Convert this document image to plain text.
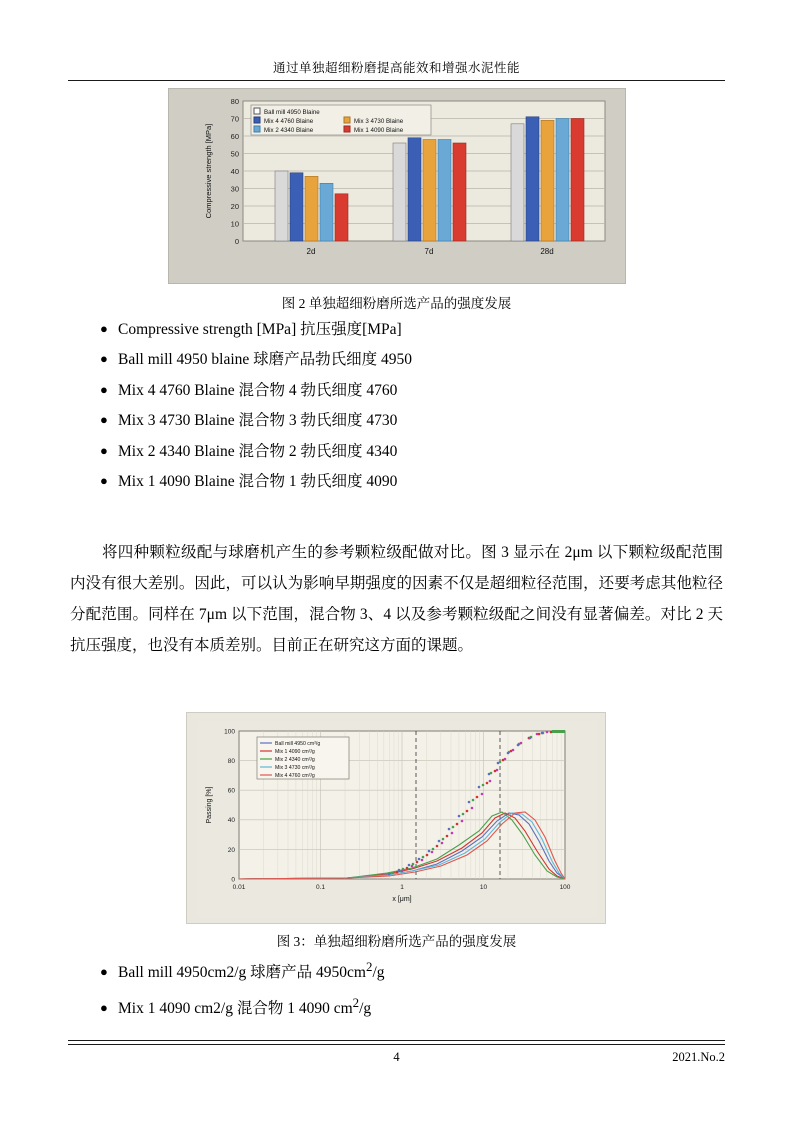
通过单独超细粉磨提高能效和增强水泥性能
80
70
60
50
40
30
20
10
0
Compressive strength [MPa]
2d	7d	28d
Ball mill 4950 Blaine
Mix 4 4760 Blaine
Mix 2 4340 Blaine
Mix 3 4730 Blaine
Mix 1 4090 Blaine
图 2 单独超细粉磨所选产品的强度发展
● Compressive strength [MPa] 抗压强度[MPa]
● Ball mill 4950 blaine 球磨产品勃氏细度 4950
● Mix 4 4760 Blaine 混合物 4 勃氏细度 4760
● Mix 3 4730 Blaine 混合物 3 勃氏细度 4730
● Mix 2 4340 Blaine 混合物 2 勃氏细度 4340
● Mix 1 4090 Blaine 混合物 1 勃氏细度 4090
将四种颗粒级配与球磨机产生的参考颗粒级配做对比。图 3 显示在 2μm 以下颗粒级配范围内没有很大差别。因此，可以认为影响早期强度的因素不仅是超细粒径范围，还要考虑其他粒径分配范围。同样在 7μm 以下范围，混合物 3、4 以及参考颗粒级配之间没有显著偏差。对比 2 天抗压强度，也没有本质差别。目前正在研究这方面的课题。
100
80
60
40
20
0
Passing [%]
0.01	0.1	1	10	100
x [μm]
Ball mill 4950 cm²/g
Mix 1 4090 cm²/g
Mix 2 4340 cm²/g
Mix 3 4730 cm²/g
Mix 4 4760 cm²/g
图 3：单独超细粉磨所选产品的强度发展
● Ball mill 4950cm2/g 球磨产品 $4950cm^2/g$
● Mix 1 4090 cm2/g 混合物 1 4090 $cm^2/g$
4	2021.No.2
